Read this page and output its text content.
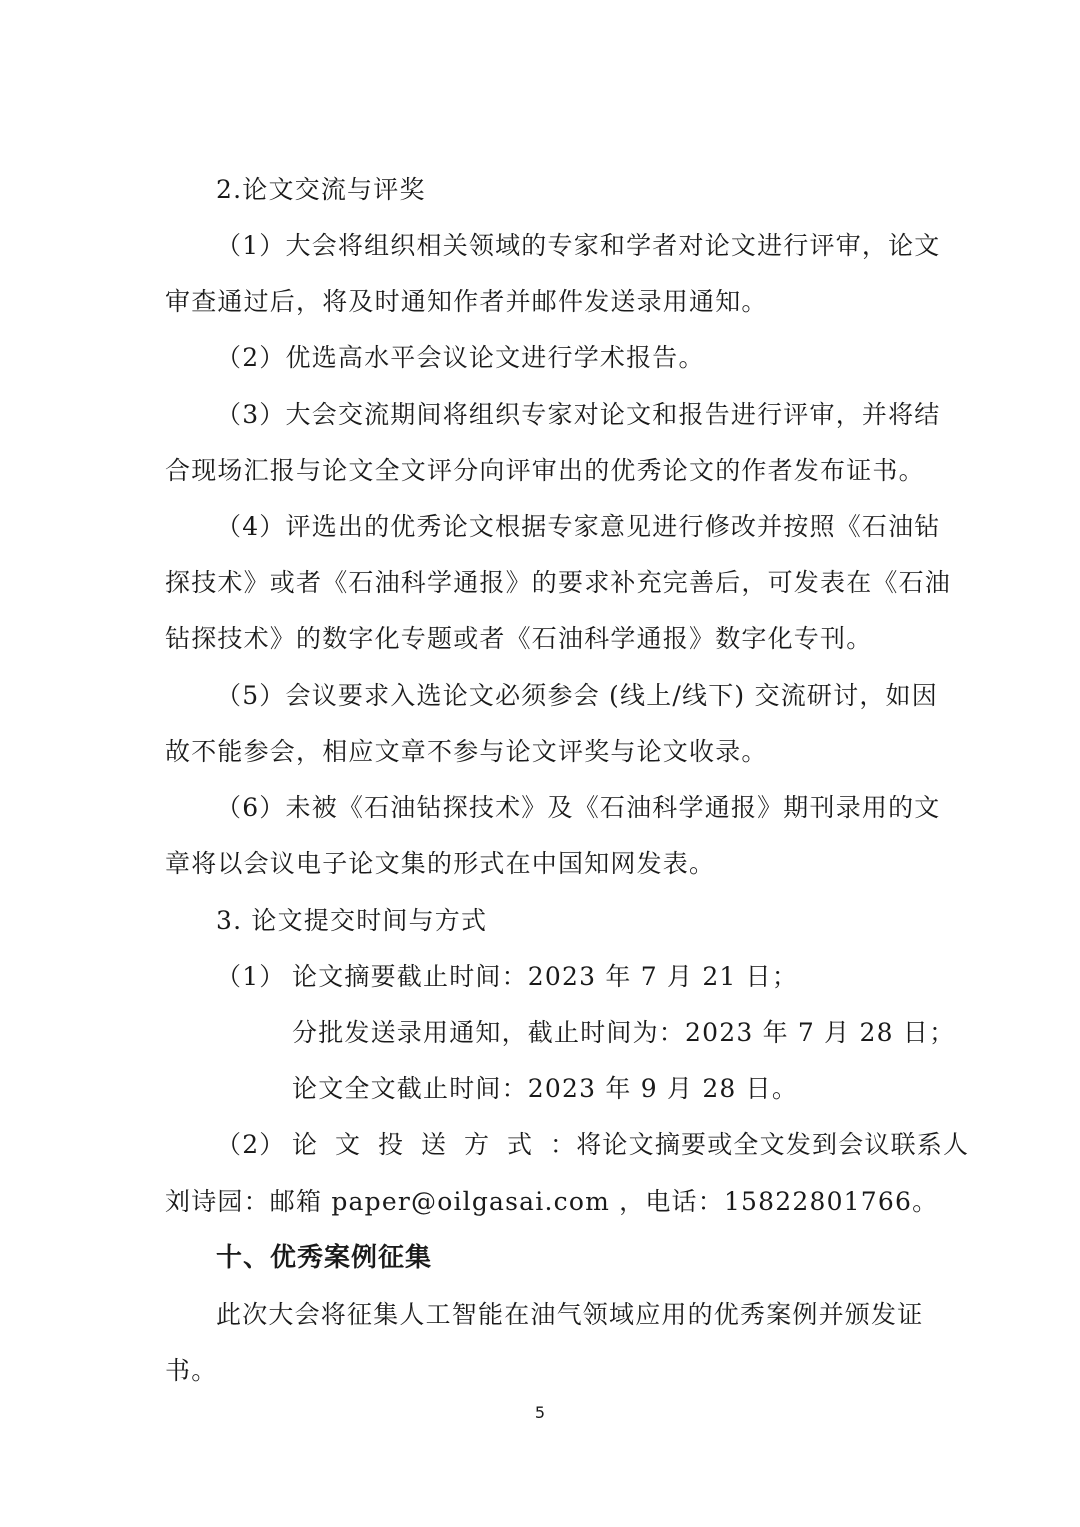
2.论文交流与评奖
（1）大会将组织相关领域的专家和学者对论文进行评审，论文
审查通过后，将及时通知作者并邮件发送录用通知。
（2）优选高水平会议论文进行学术报告。
（3）大会交流期间将组织专家对论文和报告进行评审，并将结
合现场汇报与论文全文评分向评审出的优秀论文的作者发布证书。
（4）评选出的优秀论文根据专家意见进行修改并按照《石油钻
探技术》或者《石油科学通报》的要求补充完善后，可发表在《石油
钻探技术》的数字化专题或者《石油科学通报》数字化专刊。
（5）会议要求入选论文必须参会 (线上/线下) 交流研讨，如因
故不能参会，相应文章不参与论文评奖与论文收录。
（6）未被《石油钻探技术》及《石油科学通报》期刊录用的文
章将以会议电子论文集的形式在中国知网发表。
3. 论文提交时间与方式
（1） 论文摘要截止时间：2023 年 7 月 21 日；
分批发送录用通知，截止时间为：2023 年 7 月 28 日；
论文全文截止时间：2023 年 9 月 28 日。
（2） 论文投送方式：将论文摘要或全文发到会议联系人
刘诗园：邮箱 paper@oilgasai.com ，电话：15822801766。
十、优秀案例征集
此次大会将征集人工智能在油气领域应用的优秀案例并颁发证
书。
5
